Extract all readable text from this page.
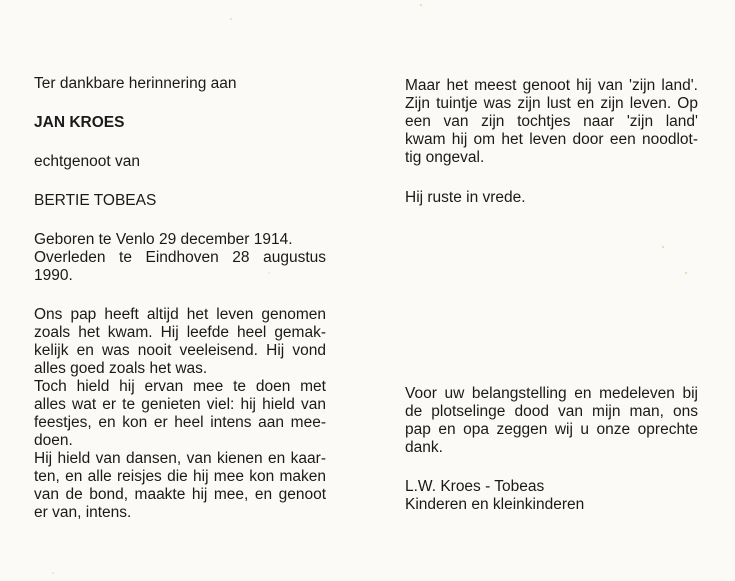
Ter dankbare herinnering aan
JAN KROES
echtgenoot van
BERTIE TOBEAS
Geboren te Venlo 29 december 1914.
Overleden te Eindhoven 28 augustus
1990.
Ons pap heeft altijd het leven genomen
zoals het kwam. Hij leefde heel gemak-
kelijk en was nooit veeleisend. Hij vond
alles goed zoals het was.
Toch hield hij ervan mee te doen met
alles wat er te genieten viel: hij hield van
feestjes, en kon er heel intens aan mee-
doen.
Hij hield van dansen, van kienen en kaar-
ten, en alle reisjes die hij mee kon maken
van de bond, maakte hij mee, en genoot
er van, intens.
Maar het meest genoot hij van 'zijn land'.
Zijn tuintje was zijn lust en zijn leven. Op
een van zijn tochtjes naar 'zijn land'
kwam hij om het leven door een noodlot-
tig ongeval.
Hij ruste in vrede.
Voor uw belangstelling en medeleven bij
de plotselinge dood van mijn man, ons
pap en opa zeggen wij u onze oprechte
dank.
L.W. Kroes - Tobeas
Kinderen en kleinkinderen
